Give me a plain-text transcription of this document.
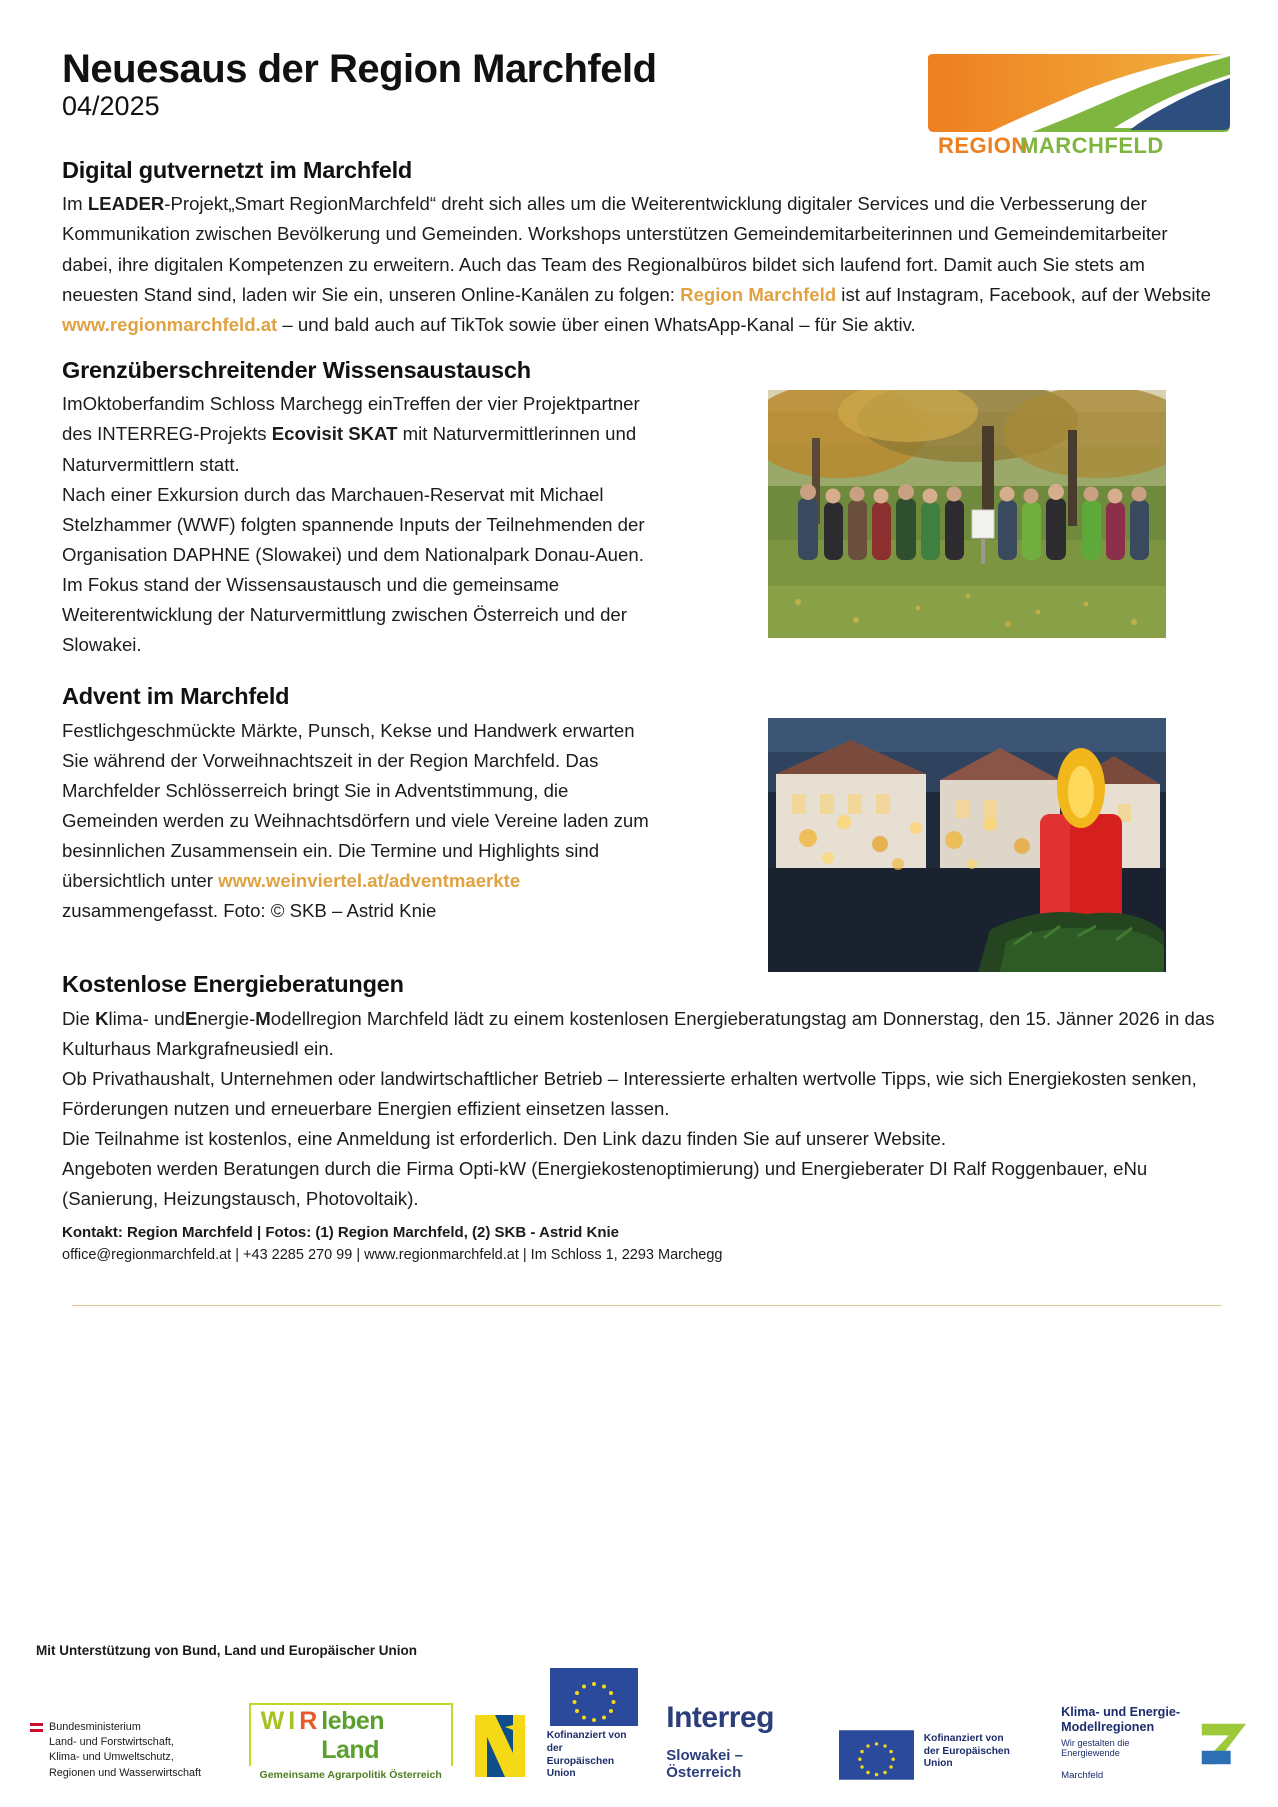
Neuesaus der Region Marchfeld
04/2025
REGION
MARCHFELD
Digital gutvernetzt im Marchfeld

Im LEADER-Projekt„Smart RegionMarchfeld“ dreht sich alles um die Weiterentwicklung digitaler Services und die Verbesserung der Kommunikation zwischen Bevölkerung und Gemeinden. Workshops unterstützen Gemeindemitarbeiterinnen und Gemeindemitarbeiter dabei, ihre digitalen Kompetenzen zu erweitern. Auch das Team des Regionalbüros bildet sich laufend fort. Damit auch Sie stets am neuesten Stand sind, laden wir Sie ein, unseren Online-Kanälen zu folgen: Region Marchfeld ist auf Instagram, Facebook, auf der Website www.regionmarchfeld.at – und bald auch auf TikTok sowie über einen WhatsApp-Kanal – für Sie aktiv.

Grenzüberschreitender Wissensaustausch

ImOktoberfandim Schloss Marchegg einTreffen der vier Projektpartner des INTERREG-Projekts Ecovisit SKAT mit Naturvermittlerinnen und Naturvermittlern statt.
Nach einer Exkursion durch das Marchauen-Reservat mit Michael Stelzhammer (WWF) folgten spannende Inputs der Teilnehmenden der Organisation DAPHNE (Slowakei) und dem Nationalpark Donau-Auen. Im Fokus stand der Wissensaustausch und die gemeinsame Weiterentwicklung der Naturvermittlung zwischen Österreich und der Slowakei.

Advent im Marchfeld

Festlichgeschmückte Märkte, Punsch, Kekse und Handwerk erwarten Sie während der Vorweihnachtszeit in der Region Marchfeld. Das Marchfelder Schlösserreich bringt Sie in Adventstimmung, die Gemeinden werden zu Weihnachtsdörfern und viele Vereine laden zum besinnlichen Zusammensein ein. Die Termine und Highlights sind übersichtlich unter www.weinviertel.at/adventmaerkte zusammengefasst. Foto: © SKB – Astrid Knie

Kostenlose Energieberatungen

Die Klima- undEnergie-Modellregion Marchfeld lädt zu einem kostenlosen Energieberatungstag am Donnerstag, den 15. Jänner 2026 in das Kulturhaus Markgrafneusiedl ein.
Ob Privathaushalt, Unternehmen oder landwirtschaftlicher Betrieb – Interessierte erhalten wertvolle Tipps, wie sich Energiekosten senken, Förderungen nutzen und erneuerbare Energien effizient einsetzen lassen.
Die Teilnahme ist kostenlos, eine Anmeldung ist erforderlich. Den Link dazu finden Sie auf unserer Website.
Angeboten werden Beratungen durch die Firma Opti-kW (Energiekostenoptimierung) und Energieberater DI Ralf Roggenbauer, eNu (Sanierung, Heizungstausch, Photovoltaik).

Kontakt: Region Marchfeld | Fotos: (1) Region Marchfeld, (2) SKB - Astrid Knie
office@regionmarchfeld.at | +43 2285 270 99 | www.regionmarchfeld.at | Im Schloss 1, 2293 Marchegg
Mit Unterstützung von Bund, Land und Europäischer Union
Bundesministerium
Land- und Forstwirtschaft,
Klima- und Umweltschutz,
Regionen und Wasserwirtschaft
W I R leben Land
Gemeinsame Agrarpolitik Österreich
Kofinanziert von der
Europäischen Union
Interreg
Slowakei – Österreich
Kofinanziert von
der Europäischen Union
Klima- und Energie-
Modellregionen
Wir gestalten die Energiewende
Marchfeld
